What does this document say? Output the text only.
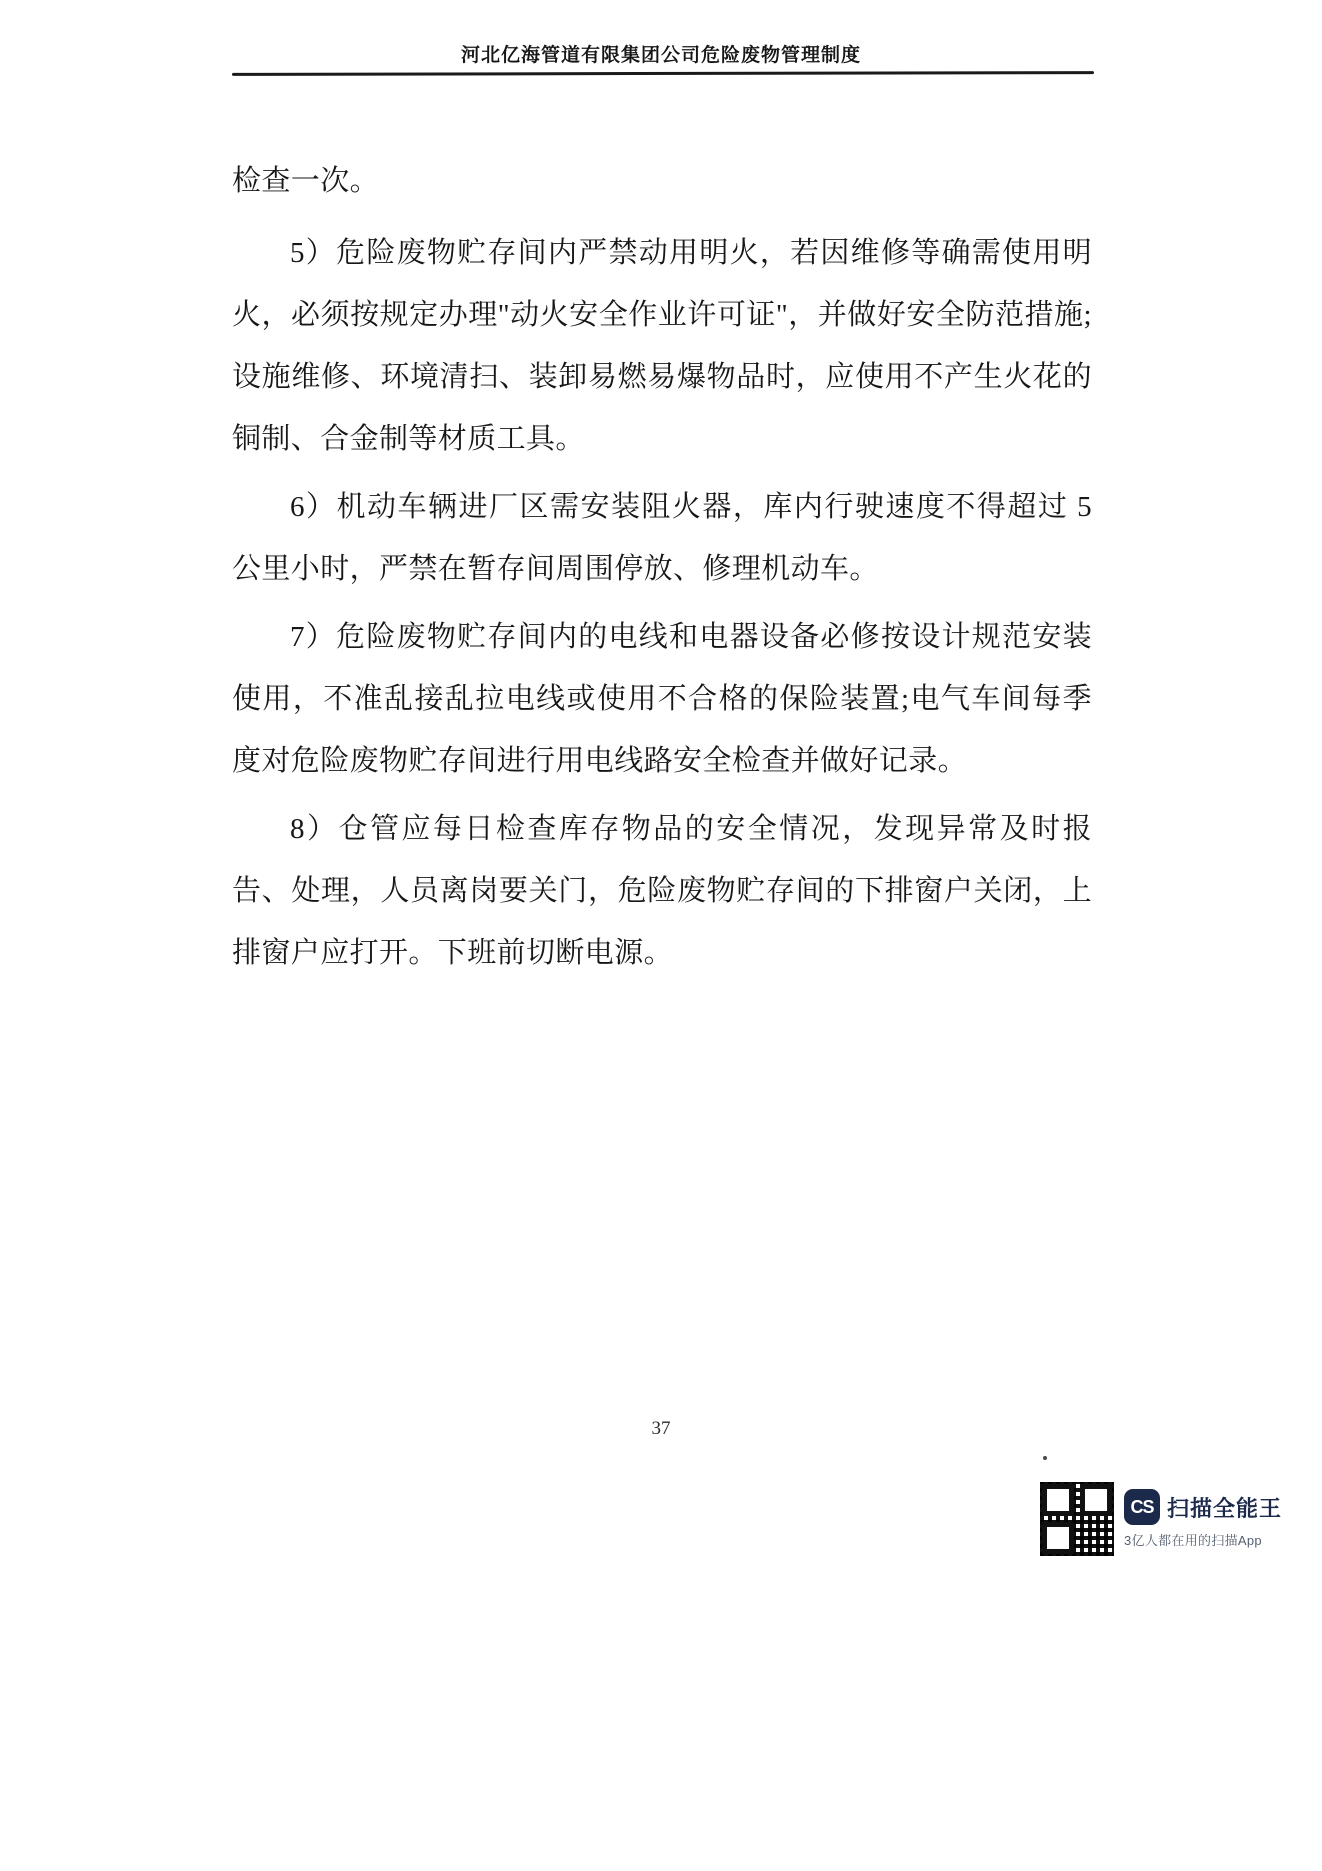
河北亿海管道有限集团公司危险废物管理制度

检查一次。

5）危险废物贮存间内严禁动用明火，若因维修等确需使用明火，必须按规定办理"动火安全作业许可证"，并做好安全防范措施;设施维修、环境清扫、装卸易燃易爆物品时，应使用不产生火花的铜制、合金制等材质工具。

6）机动车辆进厂区需安装阻火器，库内行驶速度不得超过 5 公里小时，严禁在暂存间周围停放、修理机动车。

7）危险废物贮存间内的电线和电器设备必修按设计规范安装使用，不准乱接乱拉电线或使用不合格的保险装置;电气车间每季度对危险废物贮存间进行用电线路安全检查并做好记录。

8）仓管应每日检查库存物品的安全情况，发现异常及时报告、处理，人员离岗要关门，危险废物贮存间的下排窗户关闭，上排窗户应打开。下班前切断电源。

37
CS 扫描全能王
3亿人都在用的扫描App
